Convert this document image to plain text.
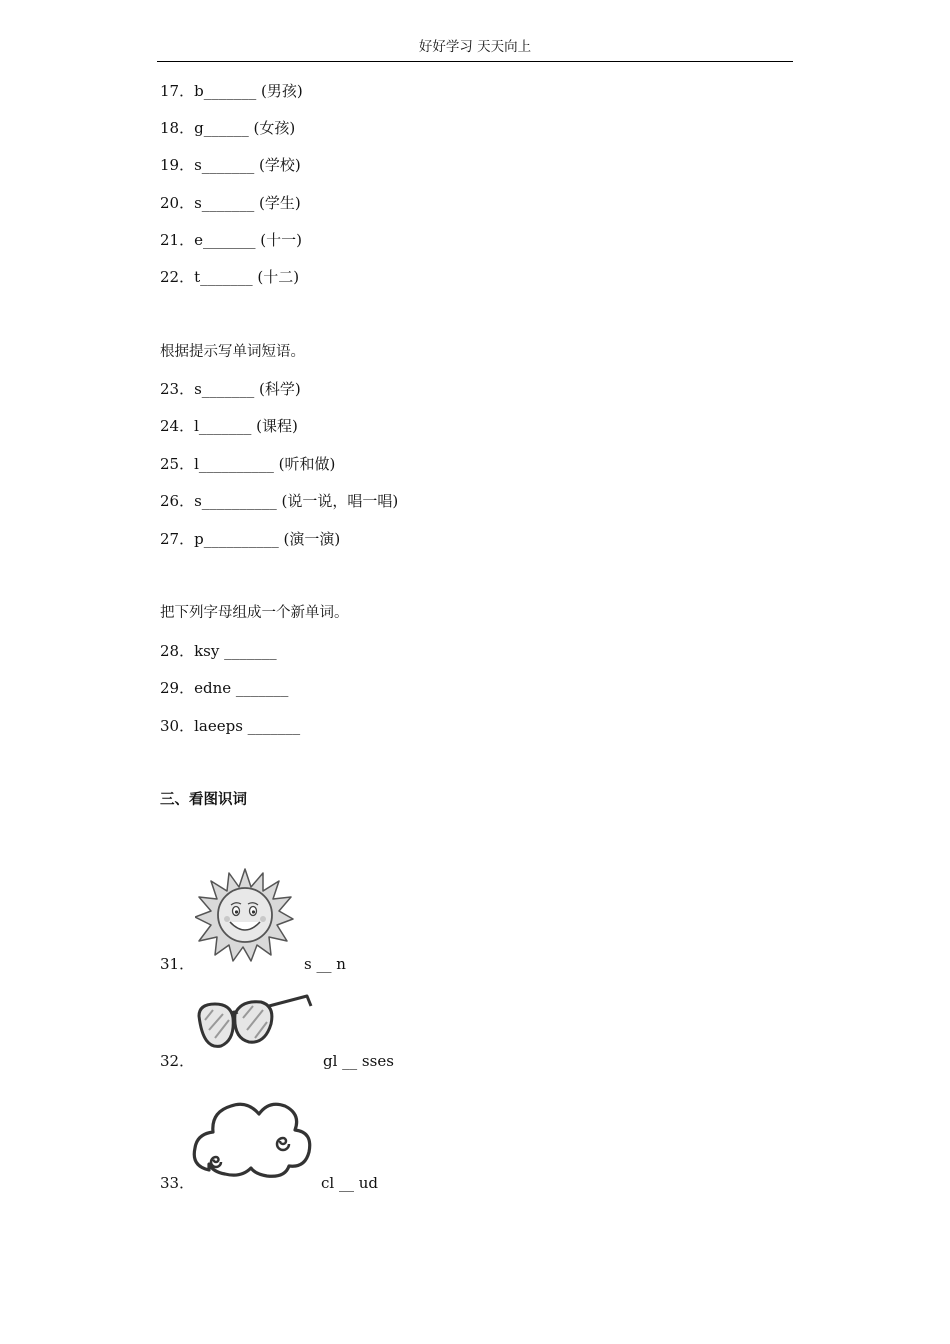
好好学习 天天向上
17．b_______ (男孩)
18．g______ (女孩)
19．s_______ (学校)
20．s_______ (学生)
21．e_______ (十一)
22．t_______ (十二)
根据提示写单词短语。
23．s_______ (科学)
24．l_______ (课程)
25．l__________ (听和做)
26．s__________ (说一说，唱一唱)
27．p__________ (演一演)
把下列字母组成一个新单词。
28．ksy _______
29．edne _______
30．laeeps _______
三、看图识词
31．	s __ n
32．	gl __ sses
33．	cl __ ud
